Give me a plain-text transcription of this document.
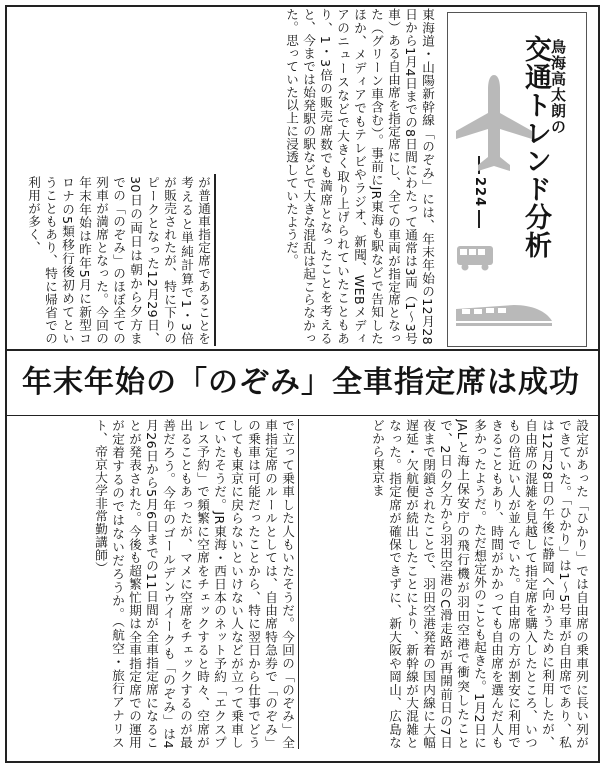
鳥海高太朗の
交通トレンド分析
224
東海道・山陽新幹線「のぞみ」には、年末年始の12月28日から1月4日までの8日間にわたって通常は3両（1〜3号車）ある自由席を指定席にし、全ての車両が指定席となった（グリーン車含む）。事前にJR東海も駅などで告知したほか、メディアでもテレビやラジオ、新聞、WEBメディアのニュースなどで大きく取り上げられていたこともあり、1・3倍の販売席数でも満席となったことを考えると、今までは始発駅の駅などで大きな混乱は起こらなかった。思っていた以上に浸透していたようだ。
が普通車指定席であることを考えると単純計算で1・3倍が販売されたが、特に下りのピークとなった12月29日、30日の両日は朝から夕方までの「のぞみ」のほぼ全ての列車が満席となった。今回の年末年始は昨年5月に新型コロナの5類移行後初めてということもあり、特に帰省での利用が多く、
年末年始の「のぞみ」全車指定席は成功
設定があった「ひかり」では自由席の乗車列に長い列ができていた。「ひかり」は1〜5号車が自由席であり、私は12月28日の午後に静岡へ向かうために利用したが、自由席の混雑を見越して指定席を購入したところ、いつもの倍近い人が並んでいた。自由席の方が割安に利用できることもあり、時間がかかっても自由席を選んだ人も多かったようだ。ただ想定外のことも起きた。1月2日にJALと海上保安庁の飛行機が羽田空港で衝突したことで、2日の夕方から羽田空港のC滑走路が再開前日の7日夜まで閉鎖されたことで、羽田空港発着の国内線に大幅遅延・欠航便が続出したことにより、新幹線が大混雑となった。指定席が確保できずに、新大阪や岡山、広島などから東京ま
で立って乗車した人もいたそうだ。今回の「のぞみ」全車指定席のルールとしては、自由席特急券で「のぞみ」の乗車は可能だったことから、特に翌日から仕事でどうしても東京に戻らないといけない人などが立って乗車していたそうだ。JR東海・西日本のネット予約「エクスプレス予約」で頻繁に空席をチェックすると時々、空席が出ることもあったが、マメに空席をチェックするのが最善だろう。今年のゴールデンウイークも「のぞみ」は4月26日から5月6日までの11日間が全車指定席になることが発表された。今後も超繁忙期は全車指定席での運用が定着するのではないだろうか。（航空・旅行アナリスト、帝京大学非常勤講師）
